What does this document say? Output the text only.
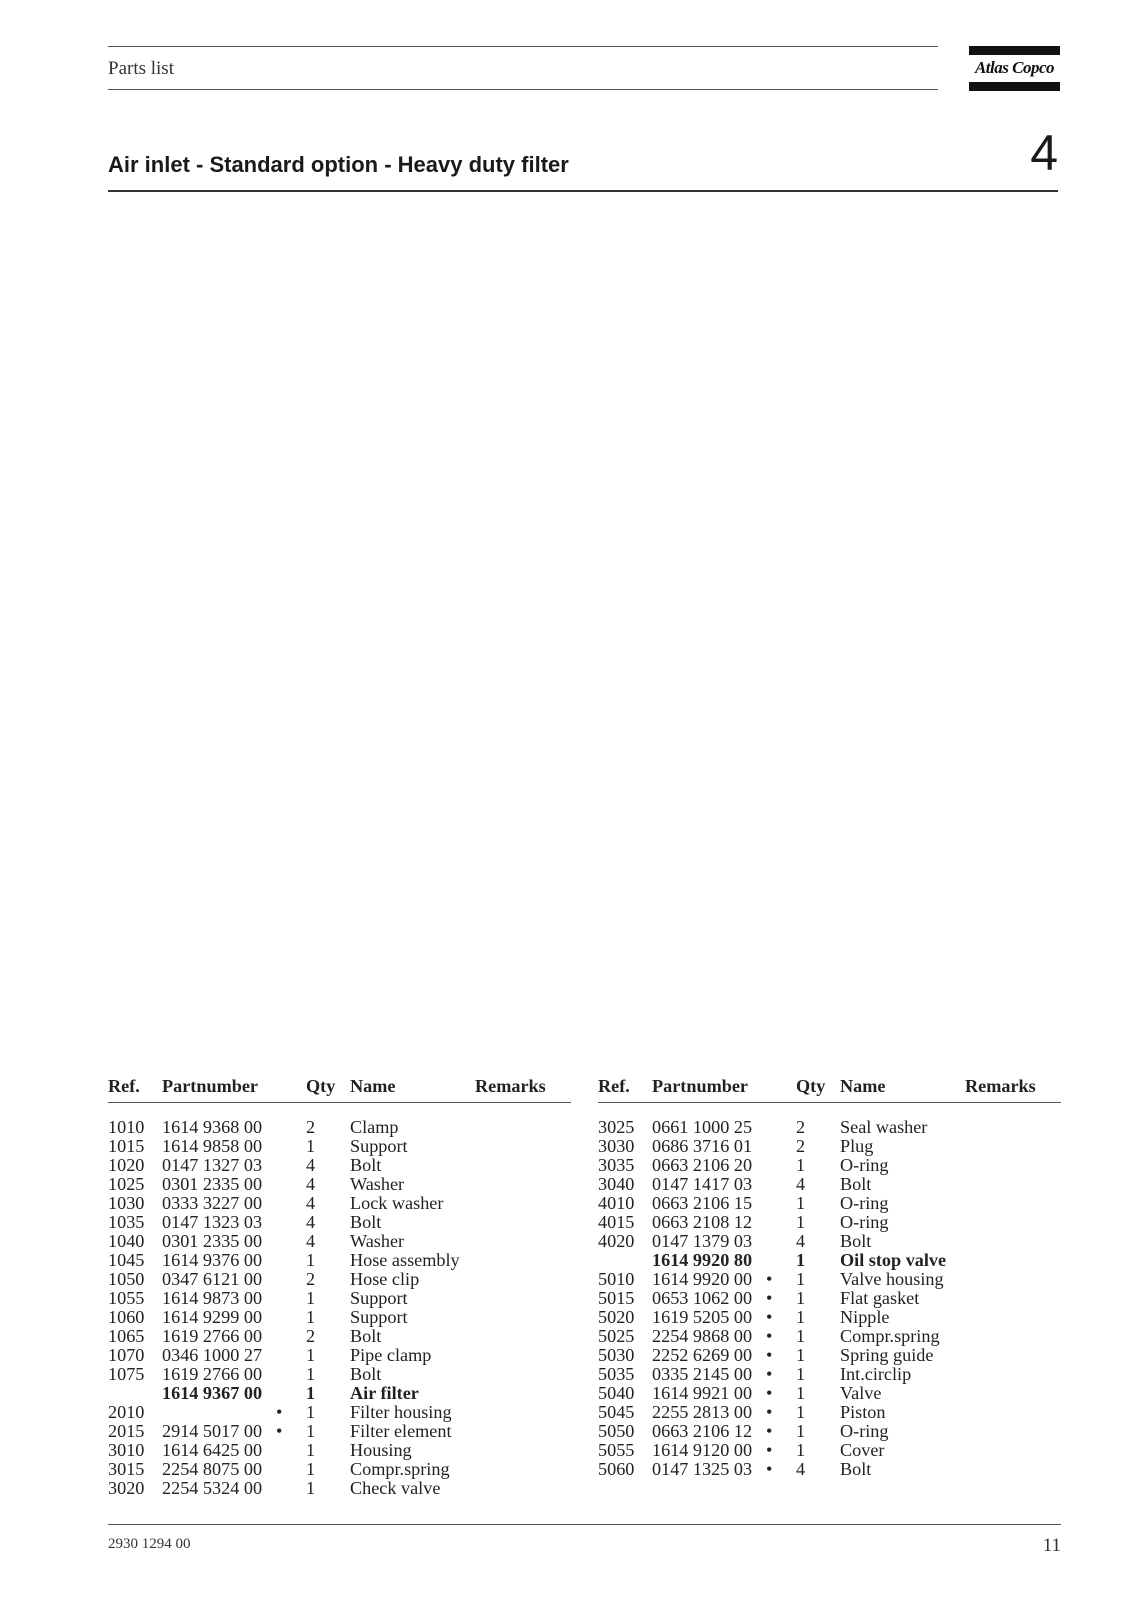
Parts list	Atlas Copco
Air inlet - Standard option - Heavy duty filter	4
Ref. Partnumber	Qty Name	Remarks
1010 1614 9368 00 2 Clamp
1015 1614 9858 00 1 Support
1020 0147 1327 03 4 Bolt
1025 0301 2335 00 4 Washer
1030 0333 3227 00 4 Lock washer
1035 0147 1323 03 4 Bolt
1040 0301 2335 00 4 Washer
1045 1614 9376 00 1 Hose assembly
1050 0347 6121 00 2 Hose clip
1055 1614 9873 00 1 Support
1060 1614 9299 00 1 Support
1065 1619 2766 00 2 Bolt
1070 0346 1000 27 1 Pipe clamp
1075 1619 2766 00 1 Bolt
1614 9367 00 1 Air filter
2010	• 1 Filter housing
2015 2914 5017 00 • 1 Filter element
3010 1614 6425 00 1 Housing
3015 2254 8075 00 1 Compr.spring
3020 2254 5324 00 1 Check valve
Ref. Partnumber	Qty Name	Remarks
3025 0661 1000 25 2 Seal washer
3030 0686 3716 01 2 Plug
3035 0663 2106 20 1 O-ring
3040 0147 1417 03 4 Bolt
4010 0663 2106 15 1 O-ring
4015 0663 2108 12 1 O-ring
4020 0147 1379 03 4 Bolt
1614 9920 80 1 Oil stop valve
5010 1614 9920 00 • 1 Valve housing
5015 0653 1062 00 • 1 Flat gasket
5020 1619 5205 00 • 1 Nipple
5025 2254 9868 00 • 1 Compr.spring
5030 2252 6269 00 • 1 Spring guide
5035 0335 2145 00 • 1 Int.circlip
5040 1614 9921 00 • 1 Valve
5045 2255 2813 00 • 1 Piston
5050 0663 2106 12 • 1 O-ring
5055 1614 9120 00 • 1 Cover
5060 0147 1325 03 • 4 Bolt
2930 1294 00	11
